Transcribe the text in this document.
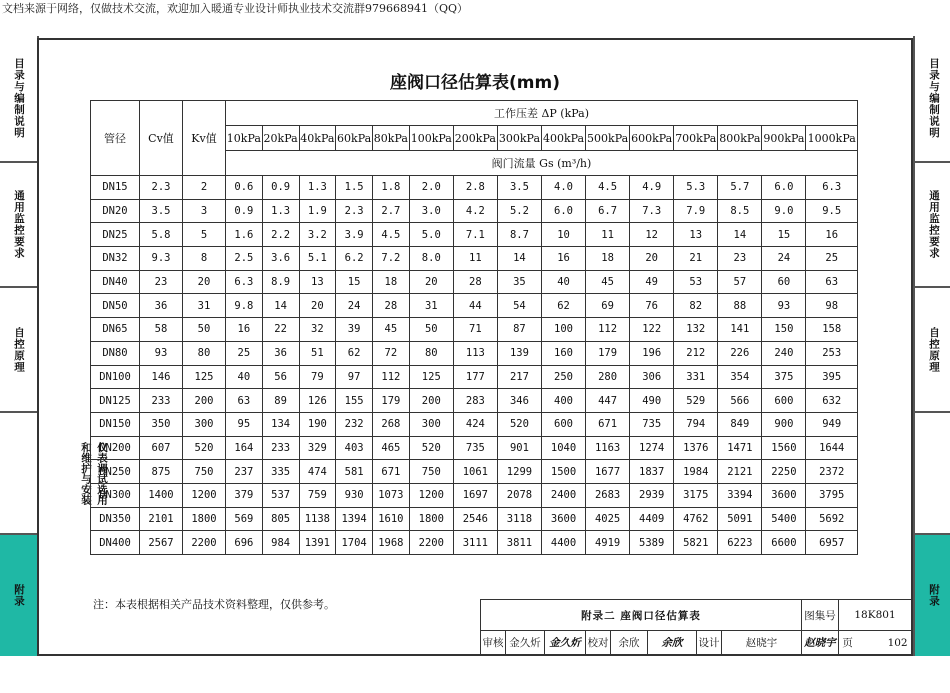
文档来源于网络，仅做技术交流，欢迎加入暖通专业设计师执业技术交流群979668941（QQ）
目录与编制说明
通用监控要求
自控原理
仪表调试选用
和维护与安装
附录
目录与编制说明
通用监控要求
自控原理
附录
座阀口径估算表(mm)
管径	Cv值	Kv值	工作压差 ΔP (kPa)														
			10kPa	20kPa	40kPa	60kPa	80kPa	100kPa	200kPa	300kPa	400kPa	500kPa	600kPa	700kPa	800kPa	900kPa	1000kPa
			阀门流量 Gs (m³/h)														
DN15	2.3	2	0.6	0.9	1.3	1.5	1.8	2.0	2.8	3.5	4.0	4.5	4.9	5.3	5.7	6.0	6.3
DN20	3.5	3	0.9	1.3	1.9	2.3	2.7	3.0	4.2	5.2	6.0	6.7	7.3	7.9	8.5	9.0	9.5
DN25	5.8	5	1.6	2.2	3.2	3.9	4.5	5.0	7.1	8.7	10	11	12	13	14	15	16
DN32	9.3	8	2.5	3.6	5.1	6.2	7.2	8.0	11	14	16	18	20	21	23	24	25
DN40	23	20	6.3	8.9	13	15	18	20	28	35	40	45	49	53	57	60	63
DN50	36	31	9.8	14	20	24	28	31	44	54	62	69	76	82	88	93	98
DN65	58	50	16	22	32	39	45	50	71	87	100	112	122	132	141	150	158
DN80	93	80	25	36	51	62	72	80	113	139	160	179	196	212	226	240	253
DN100	146	125	40	56	79	97	112	125	177	217	250	280	306	331	354	375	395
DN125	233	200	63	89	126	155	179	200	283	346	400	447	490	529	566	600	632
DN150	350	300	95	134	190	232	268	300	424	520	600	671	735	794	849	900	949
DN200	607	520	164	233	329	403	465	520	735	901	1040	1163	1274	1376	1471	1560	1644
DN250	875	750	237	335	474	581	671	750	1061	1299	1500	1677	1837	1984	2121	2250	2372
DN300	1400	1200	379	537	759	930	1073	1200	1697	2078	2400	2683	2939	3175	3394	3600	3795
DN350	2101	1800	569	805	1138	1394	1610	1800	2546	3118	3600	4025	4409	4762	5091	5400	5692
DN400	2567	2200	696	984	1391	1704	1968	2200	3111	3811	4400	4919	5389	5821	6223	6600	6957
注：本表根据相关产品技术资料整理，仅供参考。
附录二 座阀口径估算表								图集号	18K801
审核	金久炘	金久炘	校对	余欣	余欣	设计	赵晓宇	赵晓宇	页 102
